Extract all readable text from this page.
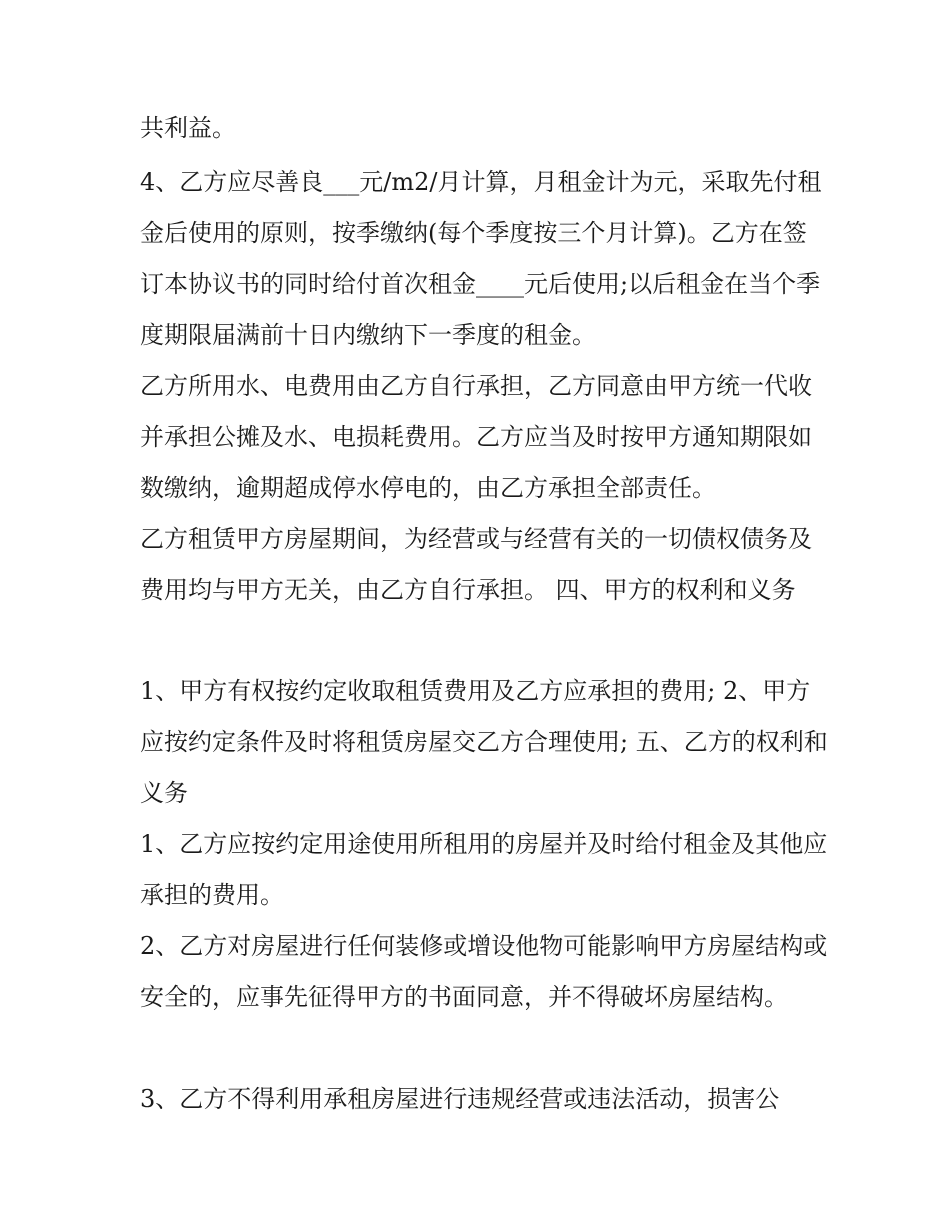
共利益。

4、乙方应尽善良___元/m2/月计算，月租金计为元，采取先付租金后使用的原则，按季缴纳(每个季度按三个月计算)。乙方在签订本协议书的同时给付首次租金____元后使用;以后租金在当个季度期限届满前十日内缴纳下一季度的租金。

乙方所用水、电费用由乙方自行承担，乙方同意由甲方统一代收并承担公摊及水、电损耗费用。乙方应当及时按甲方通知期限如数缴纳，逾期超成停水停电的，由乙方承担全部责任。

乙方租赁甲方房屋期间，为经营或与经营有关的一切债权债务及费用均与甲方无关，由乙方自行承担。 四、甲方的权利和义务

1、甲方有权按约定收取租赁费用及乙方应承担的费用; 2、甲方应按约定条件及时将租赁房屋交乙方合理使用; 五、乙方的权利和义务

1、乙方应按约定用途使用所租用的房屋并及时给付租金及其他应承担的费用。

2、乙方对房屋进行任何装修或增设他物可能影响甲方房屋结构或安全的，应事先征得甲方的书面同意，并不得破坏房屋结构。

3、乙方不得利用承租房屋进行违规经营或违法活动，损害公
